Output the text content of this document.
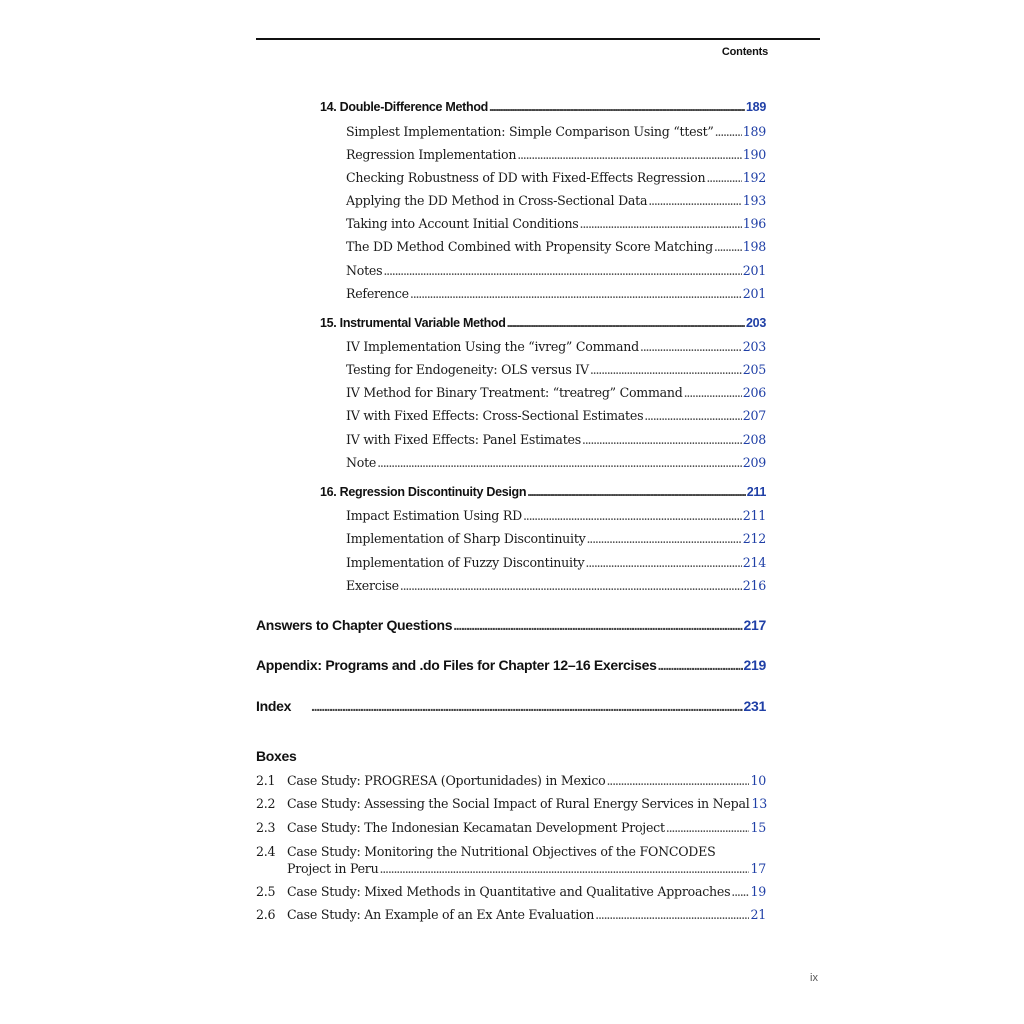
Contents
14. Double-Difference Method . . .	189
Simplest Implementation: Simple Comparison Using “ttest” . . . 189
Regression Implementation . . .	190
Checking Robustness of DD with Fixed-Effects Regression . . .	192
Applying the DD Method in Cross-Sectional Data . . .	193
Taking into Account Initial Conditions . . .	196
The DD Method Combined with Propensity Score Matching . . . 198
Notes . . .	201
Reference . . .	201
15. Instrumental Variable Method . . .	203
IV Implementation Using the “ivreg” Command . . .	203
Testing for Endogeneity: OLS versus IV . . .	205
IV Method for Binary Treatment: “treatreg” Command . . .	206
IV with Fixed Effects: Cross-Sectional Estimates . . .	207
IV with Fixed Effects: Panel Estimates . . .	208
Note . . .	209
16. Regression Discontinuity Design . . .	211
Impact Estimation Using RD . . .	211
Implementation of Sharp Discontinuity . . .	212
Implementation of Fuzzy Discontinuity . . .	214
Exercise . . .	216
Answers to Chapter Questions . . .	217
Appendix: Programs and .do Files for Chapter 12–16 Exercises . . .	219
Index . . .	231
Boxes
2.1 Case Study: PROGRESA (Oportunidades) in Mexico . . .	10
2.2 Case Study: Assessing the Social Impact of Rural Energy Services in Nepal 13
2.3 Case Study: The Indonesian Kecamatan Development Project . . .	15
2.4 Case Study: Monitoring the Nutritional Objectives of the FONCODES
Project in Peru . . .	17
2.5 Case Study: Mixed Methods in Quantitative and Qualitative Approaches . . . 19
2.6 Case Study: An Example of an Ex Ante Evaluation . . .	21
ix
